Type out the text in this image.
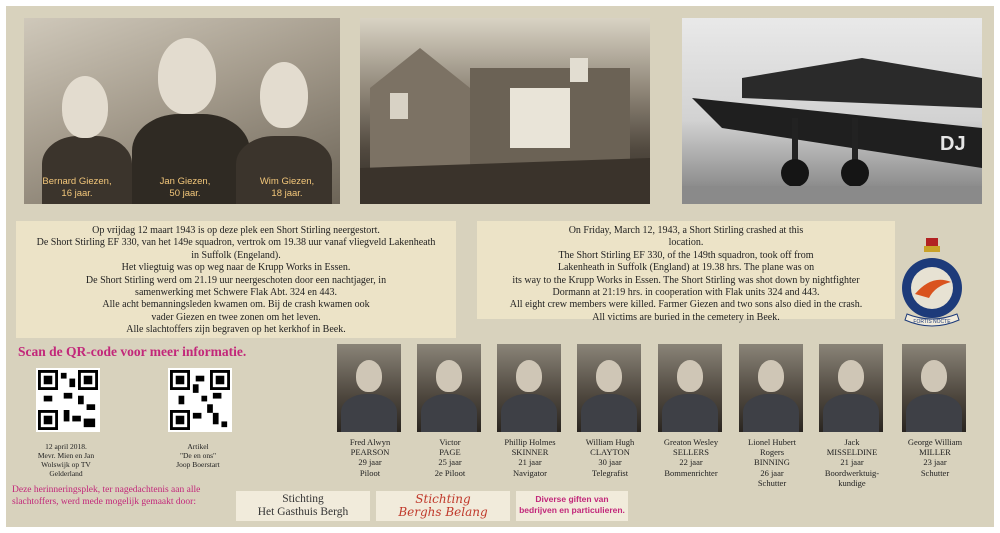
Bernard Giezen,
16 jaar.
Jan Giezen,
50 jaar.
Wim Giezen,
18 jaar.
DJ
Op vrijdag 12 maart 1943 is op deze plek een Short Stirling neergestort.
De Short Stirling EF 330, van het 149e squadron, vertrok om 19.38 uur vanaf vliegveld Lakenheath
in Suffolk (Engeland).
Het vliegtuig was op weg naar de Krupp Works in Essen.
De Short Stirling werd om 21.19 uur neergeschoten door een nachtjager, in
samenwerking met Schwere Flak Abt. 324 en 443.
Alle acht bemanningsleden kwamen om. Bij de crash kwamen ook
vader Giezen en twee zonen om het leven.
Alle slachtoffers zijn begraven op het kerkhof in Beek.
On Friday, March 12, 1943, a Short Stirling crashed at this
location.
The Short Stirling EF 330, of the 149th squadron, took off from
Lakenheath in Suffolk (England) at 19.38 hrs. The plane was on
its way to the Krupp Works in Essen. The Short Stirling was shot down by nightfighter
Dormann at 21:19 hrs. in cooperation with Flak units 324 and 443.
All eight crew members were killed. Farmer Giezen and two sons also died in the crash.
All victims are buried in the cemetery in Beek.	FORTIS NOCTE
Scan de QR-code voor meer informatie.
12 april 2018.
Mevr. Mien en Jan
Wolswijk op TV
Gelderland
Artikel
"De en ons"
Joop Boerstart
Fred Alwyn
PEARSON
29 jaar
Piloot
Victor
PAGE
25 jaar
2e Piloot
Phillip Holmes
SKINNER
21 jaar
Navigator
William Hugh
CLAYTON
30 jaar
Telegrafist
Greaton Wesley
SELLERS
22 jaar
Bommenrichter
Lionel Hubert
Rogers
BINNING
26 jaar
Schutter
Jack
MISSELDINE
21 jaar
Boordwerktuig-
kundige
George William
MILLER
23 jaar
Schutter
Deze herinneringsplek, ter nagedachtenis aan alle slachtoffers, werd mede mogelijk gemaakt door:	Stichting
Het Gasthuis Bergh
Stichting
Berghs Belang
Diverse giften van
bedrijven en particulieren.
